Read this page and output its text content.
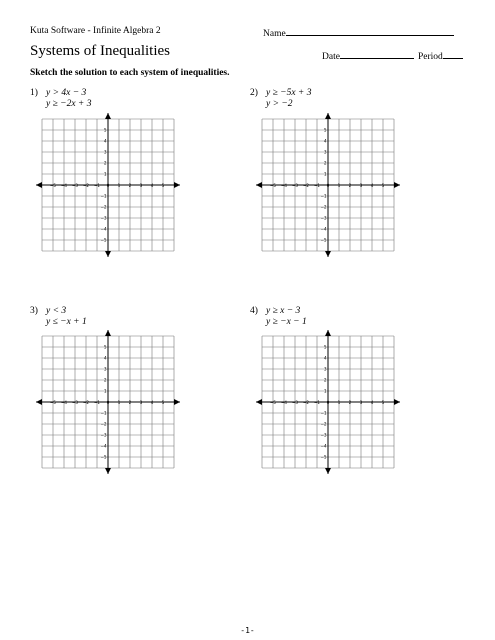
Kuta Software - Infinite Algebra 2	Name
Systems of Inequalities	Date	Period
Sketch the solution to each system of inequalities.
1) y > 4x − 3
y ≥ −2x + 3
2) y ≥ −5x + 3
y > −2
3) y < 3
y ≤ −x + 1
4) y ≥ x − 3
y ≥ −x − 1
−5 −4 −3 −2 −1 0 1 2 3 4 5
5
4
3
2
1
−1
−2
−3
−4
−5
−5 −4 −3 −2 −1 0 1 2 3 4 5
5
4
3
2
1
−1
−2
−3
−4
−5
−5 −4 −3 −2 −1 0 1 2 3 4 5
5
4
3
2
1
−1
−2
−3
−4
−5
−5 −4 −3 −2 −1 0 1 2 3 4 5
5
4
3
2
1
−1
−2
−3
−4
−5
-1-
